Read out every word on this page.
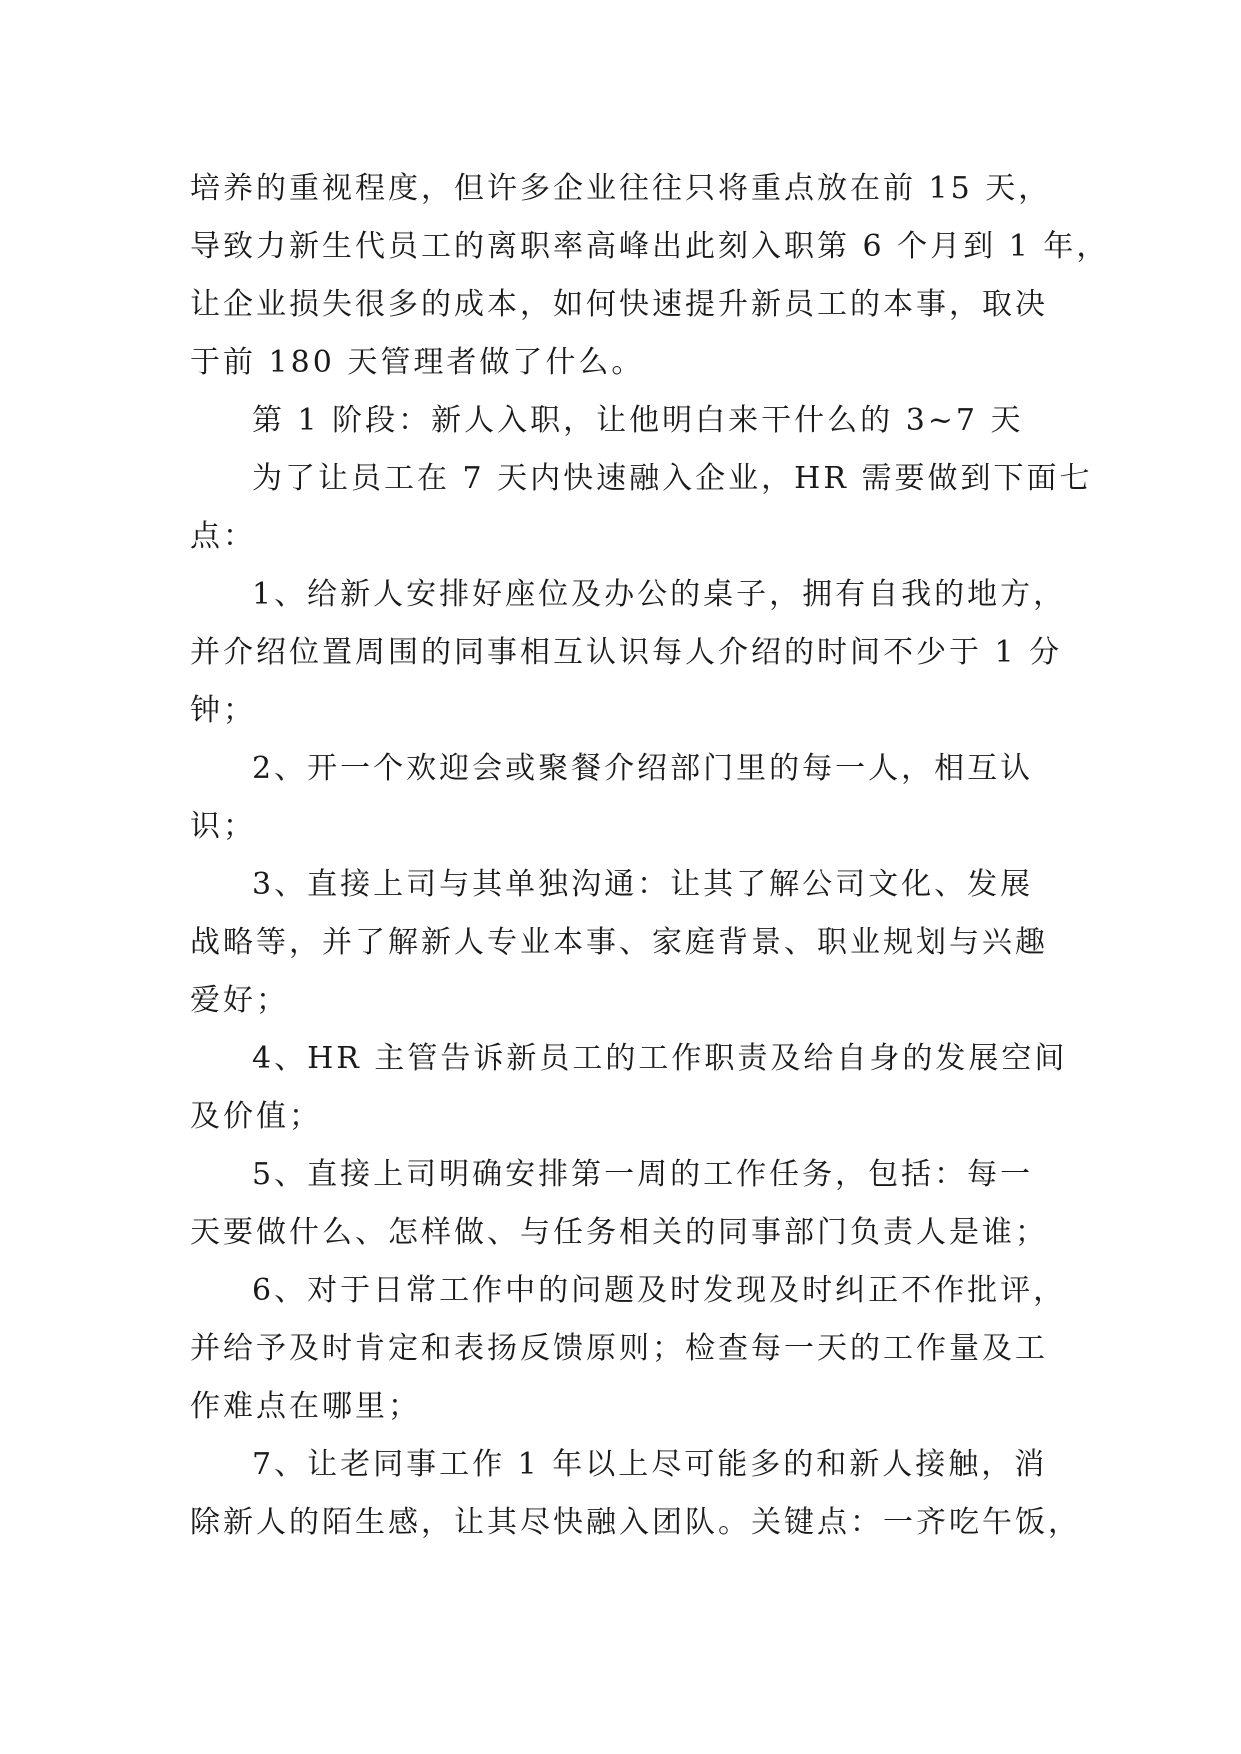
培养的重视程度，但许多企业往往只将重点放在前 15 天，
导致力新生代员工的离职率高峰出此刻入职第 6 个月到 1 年，
让企业损失很多的成本，如何快速提升新员工的本事，取决
于前 180 天管理者做了什么。
第 1 阶段：新人入职，让他明白来干什么的 3~7 天
为了让员工在 7 天内快速融入企业，HR 需要做到下面七
点：
1、给新人安排好座位及办公的桌子，拥有自我的地方，
并介绍位置周围的同事相互认识每人介绍的时间不少于 1 分
钟；
2、开一个欢迎会或聚餐介绍部门里的每一人，相互认
识；
3、直接上司与其单独沟通：让其了解公司文化、发展
战略等，并了解新人专业本事、家庭背景、职业规划与兴趣
爱好；
4、HR 主管告诉新员工的工作职责及给自身的发展空间
及价值；
5、直接上司明确安排第一周的工作任务，包括：每一
天要做什么、怎样做、与任务相关的同事部门负责人是谁；
6、对于日常工作中的问题及时发现及时纠正不作批评，
并给予及时肯定和表扬反馈原则；检查每一天的工作量及工
作难点在哪里；
7、让老同事工作 1 年以上尽可能多的和新人接触，消
除新人的陌生感，让其尽快融入团队。关键点：一齐吃午饭，
